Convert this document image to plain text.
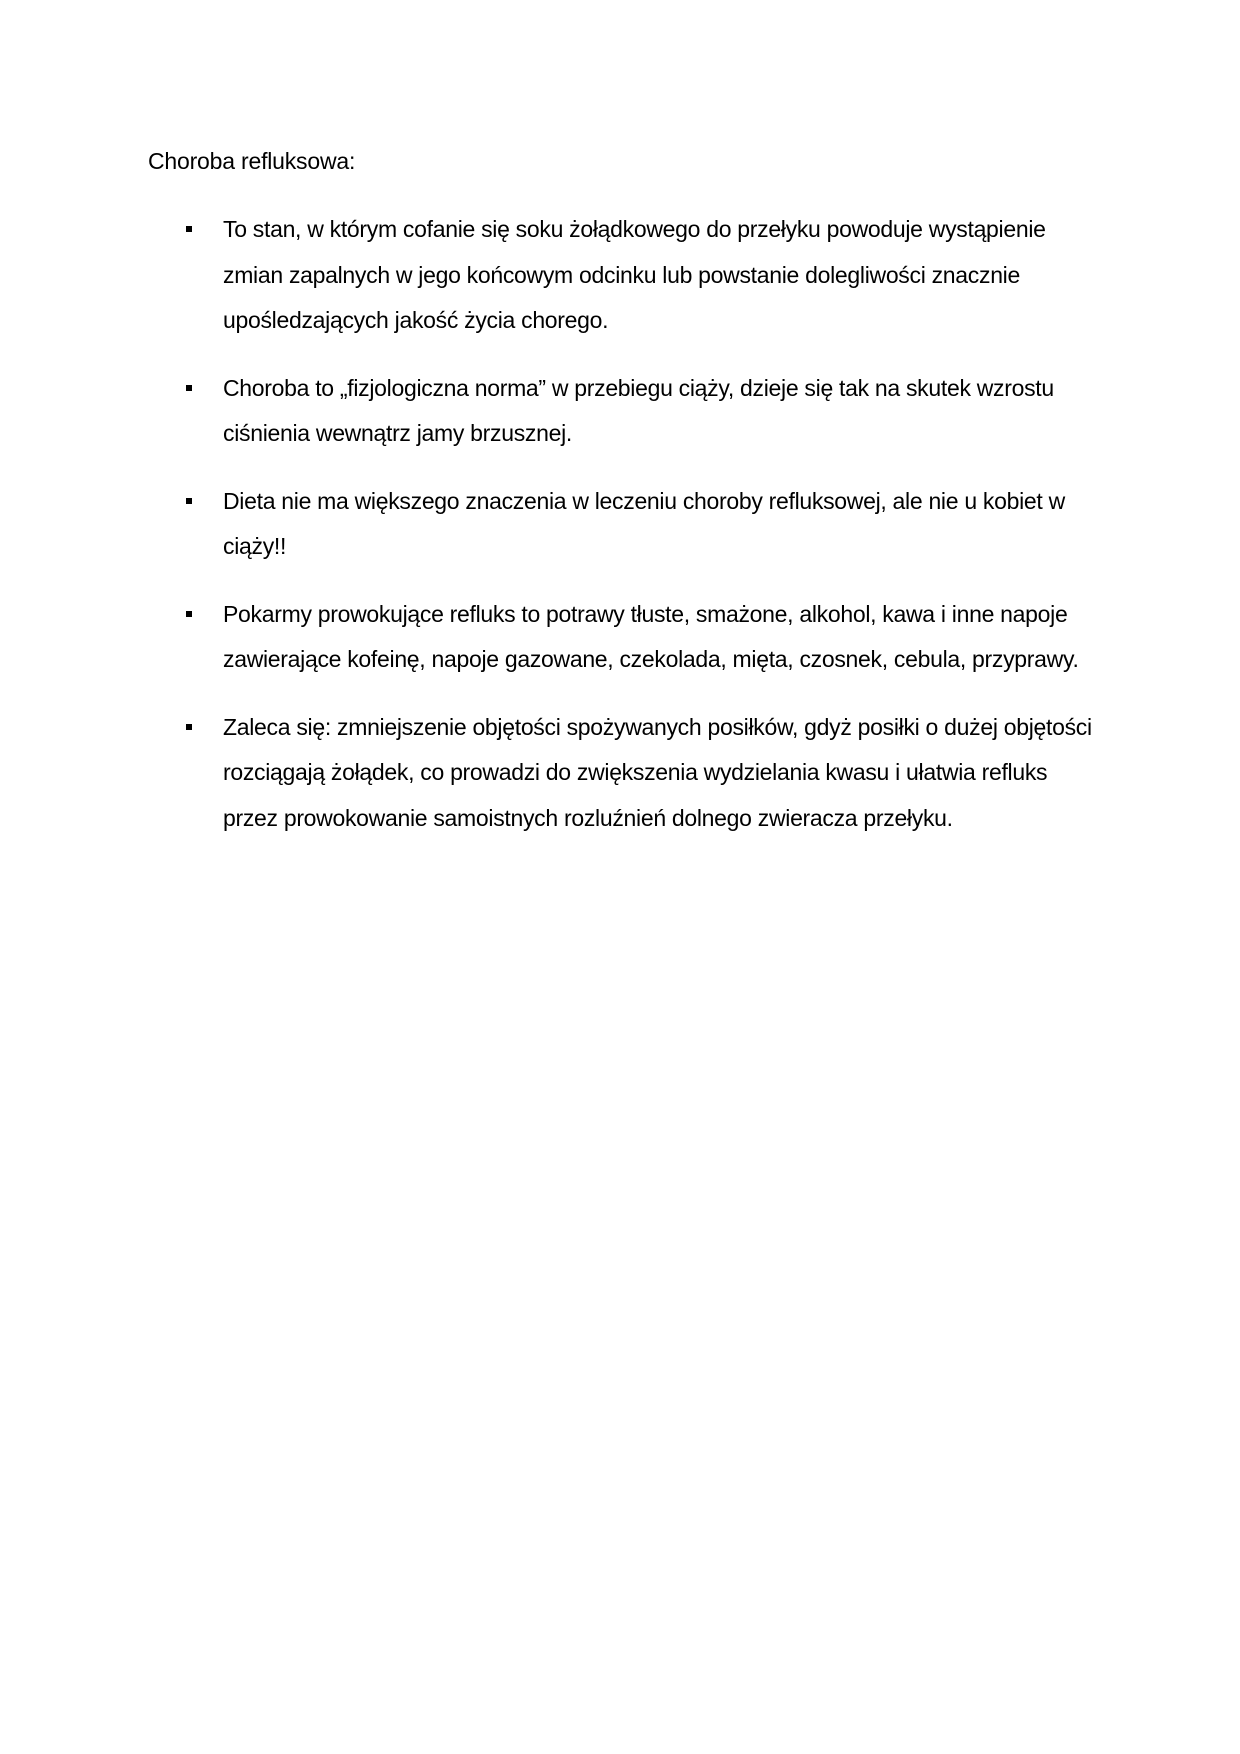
Choroba refluksowa:

To stan, w którym cofanie się soku żołądkowego do przełyku powoduje wystąpienie zmian zapalnych w jego końcowym odcinku lub powstanie dolegliwości znacznie upośledzających jakość życia chorego.
Choroba to „fizjologiczna norma” w przebiegu ciąży, dzieje się tak na skutek wzrostu ciśnienia wewnątrz jamy brzusznej.
Dieta nie ma większego znaczenia w leczeniu choroby refluksowej, ale nie u kobiet w ciąży!!
Pokarmy prowokujące refluks to potrawy tłuste, smażone, alkohol, kawa i inne napoje zawierające kofeinę, napoje gazowane, czekolada, mięta, czosnek, cebula, przyprawy.
Zaleca się: zmniejszenie objętości spożywanych posiłków, gdyż posiłki o dużej objętości rozciągają żołądek, co prowadzi do zwiększenia wydzielania kwasu i ułatwia refluks przez prowokowanie samoistnych rozluźnień dolnego zwieracza przełyku.
